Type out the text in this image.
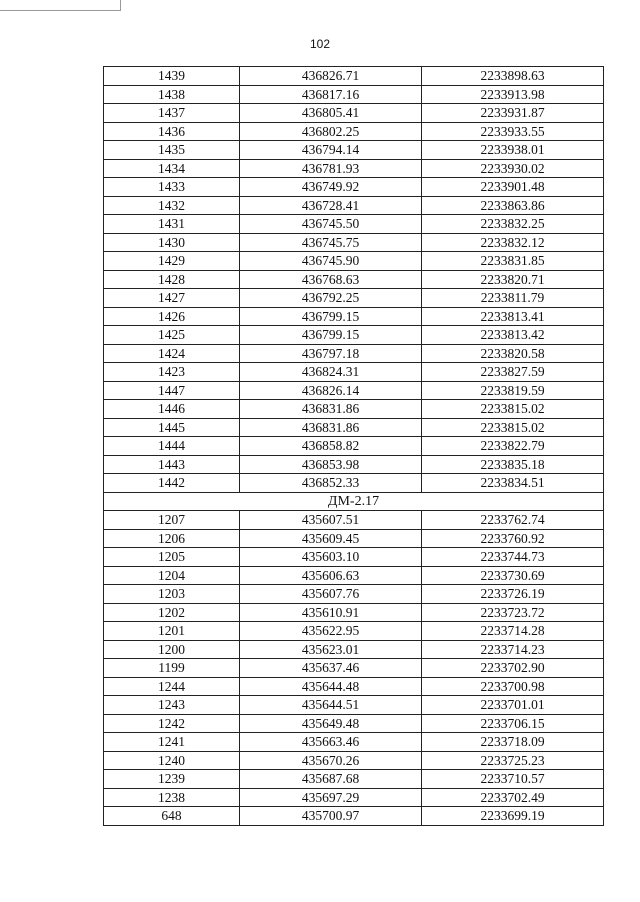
102
1439	436826.71	2233898.63
1438	436817.16	2233913.98
1437	436805.41	2233931.87
1436	436802.25	2233933.55
1435	436794.14	2233938.01
1434	436781.93	2233930.02
1433	436749.92	2233901.48
1432	436728.41	2233863.86
1431	436745.50	2233832.25
1430	436745.75	2233832.12
1429	436745.90	2233831.85
1428	436768.63	2233820.71
1427	436792.25	2233811.79
1426	436799.15	2233813.41
1425	436799.15	2233813.42
1424	436797.18	2233820.58
1423	436824.31	2233827.59
1447	436826.14	2233819.59
1446	436831.86	2233815.02
1445	436831.86	2233815.02
1444	436858.82	2233822.79
1443	436853.98	2233835.18
1442	436852.33	2233834.51
ДМ-2.17		
1207	435607.51	2233762.74
1206	435609.45	2233760.92
1205	435603.10	2233744.73
1204	435606.63	2233730.69
1203	435607.76	2233726.19
1202	435610.91	2233723.72
1201	435622.95	2233714.28
1200	435623.01	2233714.23
1199	435637.46	2233702.90
1244	435644.48	2233700.98
1243	435644.51	2233701.01
1242	435649.48	2233706.15
1241	435663.46	2233718.09
1240	435670.26	2233725.23
1239	435687.68	2233710.57
1238	435697.29	2233702.49
648	435700.97	2233699.19
